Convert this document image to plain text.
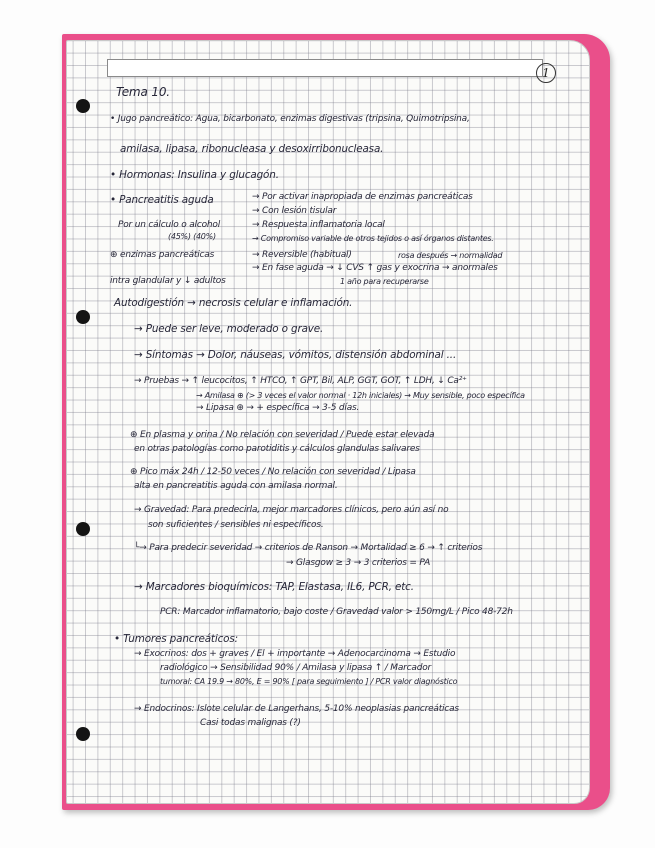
1
Tema 10.
• Jugo pancreático: Agua, bicarbonato, enzimas digestivas (tripsina, Quimotripsina,
amilasa, lipasa, ribonucleasa y desoxirribonucleasa.
• Hormonas: Insulina y glucagón.
• Pancreatitis aguda	→ Por activar inapropiada de enzimas pancreáticas
→ Con lesión tisular
→ Respuesta inflamatoria local
Por un cálculo o alcohol
(45%) (40%)	→ Compromiso variable de otros tejidos o así órganos distantes.
⊕ enzimas pancreáticas	→ Reversible (habitual)	rosa después → normalidad
→ En fase aguda → ↓ CVS ↑ gas y exocrina → anormales
intra glandular y ↓ adultos	1 año para recuperarse
Autodigestión → necrosis celular e inflamación.
→ Puede ser leve, moderado o grave.
→ Síntomas → Dolor, náuseas, vómitos, distensión abdominal ...
→ Pruebas → ↑ leucocitos, ↑ HTCO, ↑ GPT, Bil, ALP, GGT, GOT, ↑ LDH, ↓ Ca²⁺
→ Amilasa ⊕ (> 3 veces el valor normal · 12h iniciales) → Muy sensible, poco específica
→ Lipasa ⊕ → + específica → 3-5 días.
⊕ En plasma y orina / No relación con severidad / Puede estar elevada
en otras patologías como parotiditis y cálculos glandulas salivares
⊕ Pico máx 24h / 12-50 veces / No relación con severidad / Lipasa
alta en pancreatitis aguda con amilasa normal.
→ Gravedad: Para predecirla, mejor marcadores clínicos, pero aún así no
son suficientes / sensibles ni específicos.
└→ Para predecir severidad → criterios de Ranson → Mortalidad ≥ 6 → ↑ criterios
→ Glasgow ≥ 3 → 3 criterios = PA
→ Marcadores bioquímicos: TAP, Elastasa, IL6, PCR, etc.
PCR: Marcador inflamatorio, bajo coste / Gravedad valor > 150mg/L / Pico 48-72h
• Tumores pancreáticos:
→ Exocrinos: dos + graves / El + importante → Adenocarcinoma → Estudio
radiológico → Sensibilidad 90% / Amilasa y lipasa ↑ / Marcador
tumoral: CA 19.9 → 80%, E = 90% [ para seguimiento ] / PCR valor diagnóstico
→ Endocrinos: Islote celular de Langerhans, 5-10% neoplasias pancreáticas
Casi todas malignas (?)
